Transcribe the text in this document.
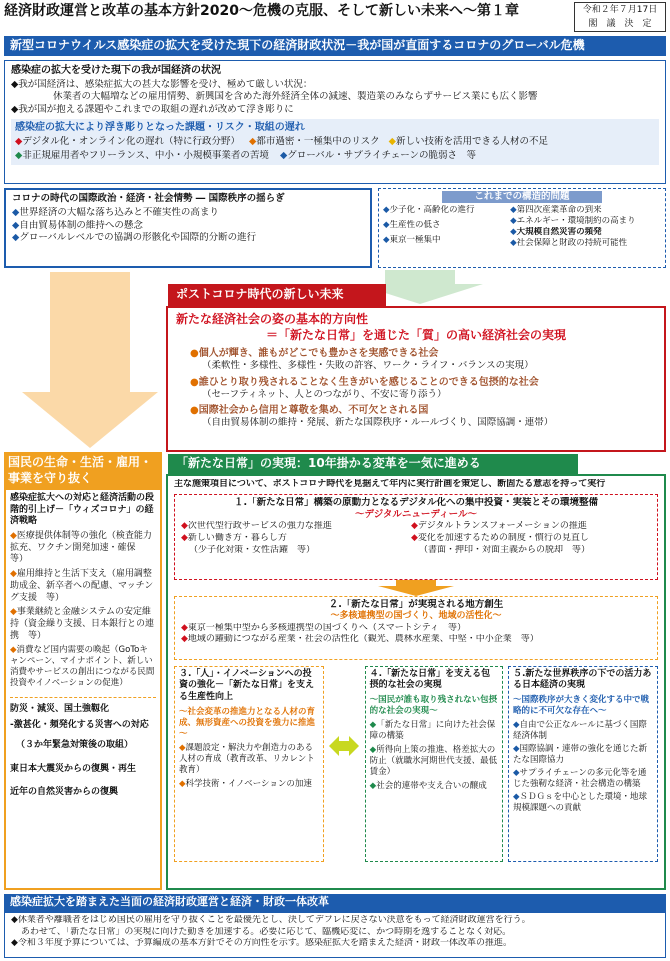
経済財政運営と改革の基本方針2020～危機の克服、そして新しい未来へ～第１章	令和２年７月17日
閣　議　決　定
新型コロナウイルス感染症の拡大を受けた現下の経済財政状況－我が国が直面するコロナのグローバル危機
感染症の拡大を受けた現下の我が国経済の状況
◆我が国経済は、感染症拡大の甚大な影響を受け、極めて厳しい状況：
休業者の大幅増などの雇用情勢、新興国を含めた海外経済全体の減速、製造業のみならずサービス業にも広く影響
◆我が国が抱える課題やこれまでの取組の遅れが改めて浮き彫りに
感染症の拡大により浮き彫りとなった課題・リスク・取組の遅れ
◆デジタル化・オンライン化の遅れ（特に行政分野） ◆都市過密・一極集中のリスク ◆新しい技術を活用できる人材の不足
◆非正規雇用者やフリーランス、中小・小規模事業者の苦境 ◆グローバル・サプライチェーンの脆弱さ　等
コロナの時代の国際政治・経済・社会情勢 ― 国際秩序の揺らぎ
◆世界経済の大幅な落ち込みと不確実性の高まり
◆自由貿易体制の維持への懸念
◆グローバルレベルでの協調の形骸化や国際的分断の進行
これまでの構造的問題
◆少子化・高齢化の進行
◆生産性の低さ
◆東京一極集中
◆第四次産業革命の到来
◆エネルギー・環境制約の高まり
◆大規模自然災害の頻発
◆社会保障と財政の持続可能性
ポストコロナ時代の新しい未来
新たな経済社会の姿の基本的方向性
＝「新たな日常」を通じた「質」の高い経済社会の実現
●個人が輝き、誰もがどこでも豊かさを実感できる社会
（柔軟性・多様性、多様性・失敗の許容、ワーク・ライフ・バランスの実現）
●誰ひとり取り残されることなく生きがいを感じることのできる包摂的な社会
（セーフティネット、人とのつながり、不安に寄り添う）
●国際社会から信用と尊敬を集め、不可欠とされる国
（自由貿易体制の維持・発展、新たな国際秩序・ルールづくり、国際協調・連帯）
国民の生命・生活・雇用・事業を守り抜く
感染症拡大への対応と経済活動の段階的引上げ－「ウィズコロナ」の経済戦略
◆医療提供体制等の強化（検査能力拡充、ワクチン開発加速・確保　等）
◆雇用維持と生活下支え（雇用調整助成金、新卒者への配慮、マッチング支援　等）
◆事業継続と金融システムの安定維持（資金繰り支援、日本銀行との連携　等）
◆消費など国内需要の喚起（GoToキャンペーン、マイナポイント、新しい消費やサービスの創出につながる民間投資やイノベーションの促進）
防災・減災、国土強靱化
-激甚化・頻発化する災害への対応
（３か年緊急対策後の取組）
東日本大震災からの復興・再生
近年の自然災害からの復興
「新たな日常」の実現：10年掛かる変革を一気に進める
主な施策項目について、ポストコロナ時代を見据えて年内に実行計画を策定し、断固たる意志を持って実行
１.「新たな日常」構築の原動力となるデジタル化への集中投資・実装とその環境整備
～デジタルニューディール～
◆次世代型行政サービスの強力な推進
◆新しい働き方・暮らし方
（少子化対策・女性活躍　等）
◆デジタルトランスフォーメーションの推進
◆変化を加速するための制度・慣行の見直し
（書面・押印・対面主義からの脱却　等）
２.「新たな日常」が実現される地方創生
～多核連携型の国づくり、地域の活性化～
◆東京一極集中型から多核連携型の国づくりへ（スマートシティ　等）
◆地域の躍動につながる産業・社会の活性化（観光、農林水産業、中堅・中小企業　等）
３.「人」・イノベーションへの投資の強化－「新たな日常」を支える生産性向上
～社会変革の推進力となる人材の育成、無形資産への投資を強力に推進～
◆課題設定・解決力や創造力のある人材の育成（教育改革、リカレント教育）
◆科学技術・イノベーションの加速
４.「新たな日常」を支える包摂的な社会の実現
～国民が誰も取り残されない包摂的な社会の実現～
◆「新たな日常」に向けた社会保障の構築
◆所得向上策の推進、格差拡大の防止（就職氷河期世代支援、最低賃金）
◆社会的連帯や支え合いの醸成
５.新たな世界秩序の下での活力ある日本経済の実現
～国際秩序が大きく変化する中で戦略的に不可欠な存在へ～
◆自由で公正なルールに基づく国際経済体制
◆国際協調・連帯の強化を通じた新たな国際協力
◆サプライチェーンの多元化等を通じた強靭な経済・社会構造の構築
◆ＳＤＧｓを中心とした環境・地球規模課題への貢献
感染症拡大を踏まえた当面の経済財政運営と経済・財政一体改革
◆休業者や離職者をはじめ国民の雇用を守り抜くことを最優先とし、決してデフレに戻さない決意をもって経済財政運営を行う。
あわせて、「新たな日常」の実現に向けた動きを加速する。必要に応じて、臨機応変に、かつ時期を逸することなく対応。
◆令和３年度予算については、予算編成の基本方針でその方向性を示す。感染症拡大を踏まえた経済・財政一体改革の推進。
